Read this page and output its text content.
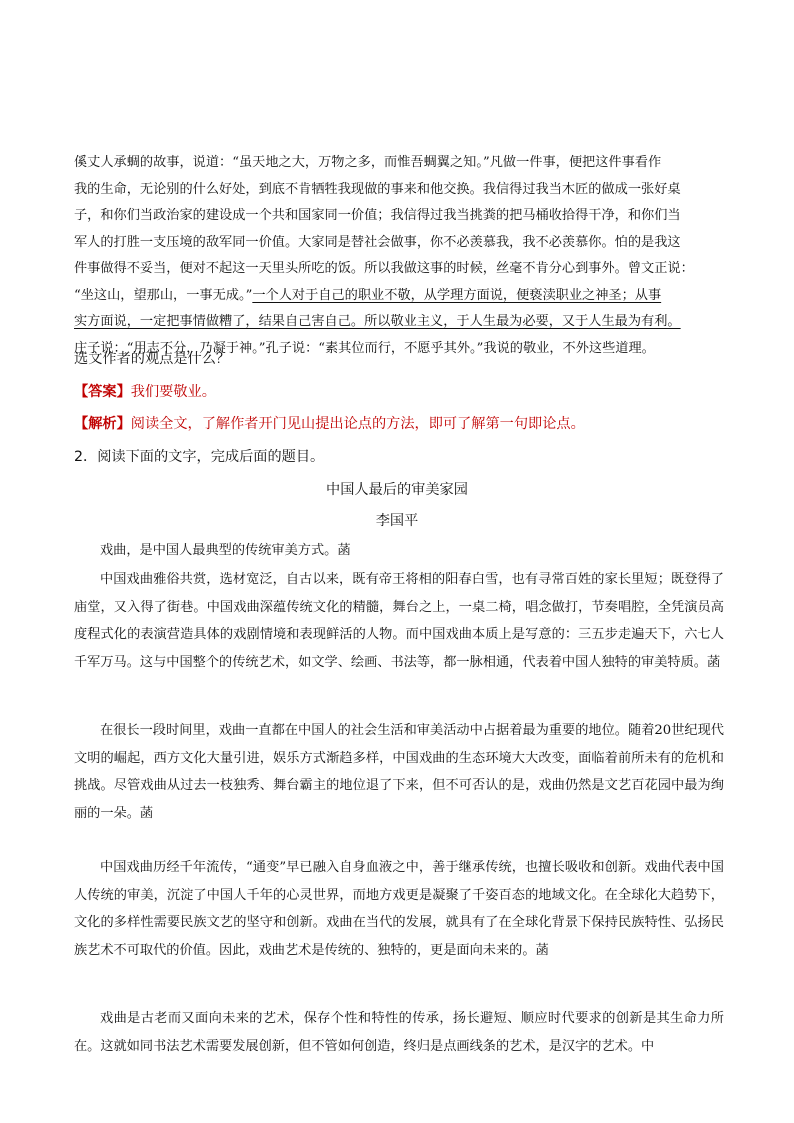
傒丈人承蜩的故事，说道：“虽天地之大，万物之多，而惟吾蜩翼之知。”凡做一件事，便把这件事看作
我的生命，无论别的什么好处，到底不肯牺牲我现做的事来和他交换。我信得过我当木匠的做成一张好桌
子，和你们当政治家的建设成一个共和国家同一价值；我信得过我当挑粪的把马桶收拾得干净，和你们当
军人的打胜一支压境的敌军同一价值。大家同是替社会做事，你不必羡慕我，我不必羡慕你。怕的是我这
件事做得不妥当，便对不起这一天里头所吃的饭。所以我做这事的时候，丝毫不肯分心到事外。曾文正说：
“坐这山，望那山，一事无成。”一个人对于自己的职业不敬，从学理方面说，便亵渎职业之神圣；从事
实方面说，一定把事情做糟了，结果自己害自己。所以敬业主义，于人生最为必要，又于人生最为有利。
庄子说：“用志不分，乃凝于神。”孔子说：“素其位而行，不愿乎其外。”我说的敬业，不外这些道理。
选文作者的观点是什么？
【答案】我们要敬业。
【解析】阅读全文，了解作者开门见山提出论点的方法，即可了解第一句即论点。
2．阅读下面的文字，完成后面的题目。
中国人最后的审美家园
李国平
戏曲，是中国人最典型的传统审美方式。菡
中国戏曲雅俗共赏，选材宽泛，自古以来，既有帝王将相的阳春白雪，也有寻常百姓的家长里短；既登得了庙堂，又入得了街巷。中国戏曲深蕴传统文化的精髓，舞台之上，一桌二椅，唱念做打，节奏唱腔，全凭演员高度程式化的表演营造具体的戏剧情境和表现鲜活的人物。而中国戏曲本质上是写意的：三五步走遍天下，六七人千军万马。这与中国整个的传统艺术，如文学、绘画、书法等，都一脉相通，代表着中国人独特的审美特质。菡
在很长一段时间里，戏曲一直都在中国人的社会生活和审美活动中占据着最为重要的地位。随着20世纪现代文明的崛起，西方文化大量引进，娱乐方式渐趋多样，中国戏曲的生态环境大大改变，面临着前所未有的危机和挑战。尽管戏曲从过去一枝独秀、舞台霸主的地位退了下来，但不可否认的是，戏曲仍然是文艺百花园中最为绚丽的一朵。菡
中国戏曲历经千年流传，“通变”早已融入自身血液之中，善于继承传统，也擅长吸收和创新。戏曲代表中国人传统的审美，沉淀了中国人千年的心灵世界，而地方戏更是凝聚了千姿百态的地域文化。在全球化大趋势下，文化的多样性需要民族文艺的坚守和创新。戏曲在当代的发展，就具有了在全球化背景下保持民族特性、弘扬民族艺术不可取代的价值。因此，戏曲艺术是传统的、独特的，更是面向未来的。菡
戏曲是古老而又面向未来的艺术，保存个性和特性的传承，扬长避短、顺应时代要求的创新是其生命力所在。这就如同书法艺术需要发展创新，但不管如何创造，终归是点画线条的艺术，是汉字的艺术。中
